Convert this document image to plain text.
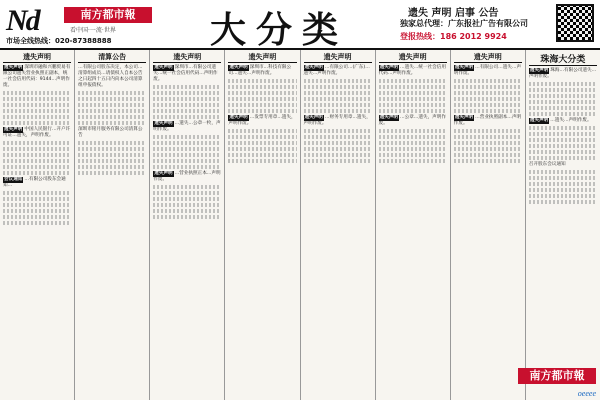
Nd	南方都市報
看中国·一流·世界
市场全线热线：020-87388888	大分类	遗失 声明 启事 公告
独家总代理：广东报社广告有限公司
登报热线：186 2012 9924
遗失声明
遗失声明 深圳市融和兴鹏贸易有限公司遗失营业执照正副本，统一社会信用代码：9144…声明作废。
遗失声明 中国人民银行…开户许可证…遗失，声明作废。
会议通知 …有限公司股东会通知…
清算公告
…有限公司股东决定，本公司…清算组成员…请债权人自本公告之日起四十五日内向本公司清算组申报债权。
深圳市铭月服务有限公司清算公告
遗失声明
遗失声明 深圳市…有限公司遗失…统一社会信用代码…声明作废。
遗失声明 …遗失…公章一枚，声明作废。
遗失声明 …营业执照正本…声明作废。
遗失声明
遗失声明 深圳市…科技有限公司…遗失…声明作废。
遗失声明 …发票专用章…遗失，声明作废。
遗失声明
遗失声明 …有限公司…(广东)…遗失…声明作废。
遗失声明 …财务专用章…遗失，声明作废。
遗失声明
遗失声明 …遗失…统一社会信用代码…声明作废。
遗失声明 …公章…遗失，声明作废。
遗失声明
遗失声明 …有限公司…遗失…声明作废。
遗失声明 …营业执照副本…声明作废。
珠海大分类
遗失声明 珠海…有限公司遗失…声明作废。
遗失声明 …遗失…声明作废。
召开股东会议通知
南方都市報
oeeee
